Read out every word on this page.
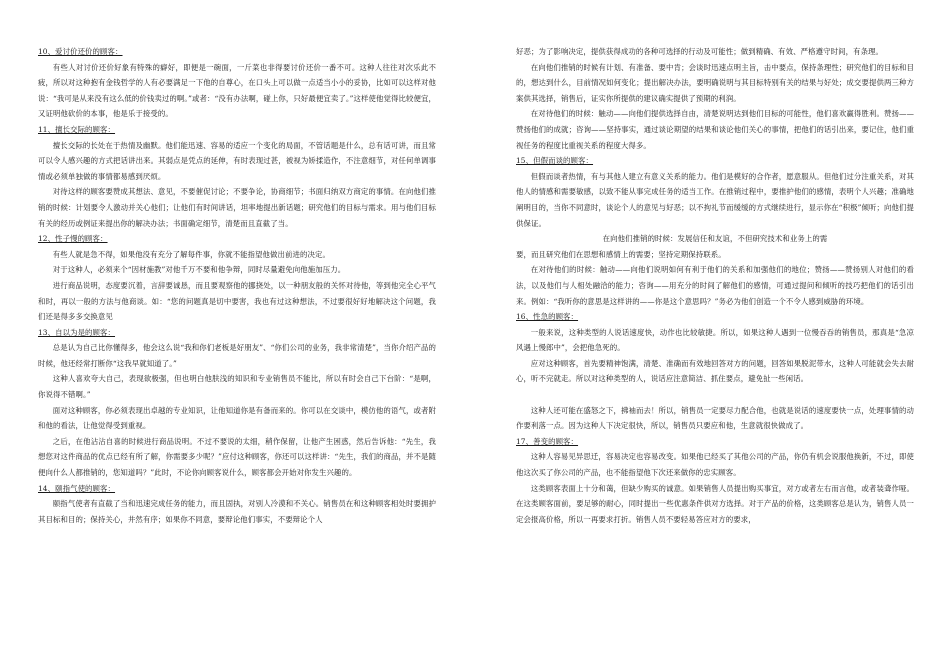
10、爱讨价还价的顾客：

有些人对讨价还价好象有特殊的癖好，即便是一碗面，一斤菜也非得要讨价还价一番不可。这种人往往对次乐此不疲，所以对这种抱有金钱哲学的人有必要满足一下他的自尊心，在口头上可以做一点适当小小的妥协，比如可以这样对他说：“我可是从来没有这么低的价钱卖过的啊。”或者：“没有办法啊，碰上你，只好最便宜卖了。”这样使他觉得比较便宜，又证明他砍价的本事，他是乐于接受的。

11、擅长交际的顾客：

擅长交际的长处在于热情及幽默。他们能迅速、容易的适应一个变化的局面，不管话题是什么，总有话可讲，而且常可以令人感兴趣的方式把话讲出来。其弱点是凭点的延伸，有时表现过甚，被视为矫揉造作，不注意细节，对任何单调事情或必须单独做的事情都易感到厌烦。

对待这样的顾客要赞成其想法、意见，不要催促讨论；不要争论，协商细节；书面归纳双方商定的事情。在向他们推销的时候：计划要令人激动并关心他们；让他们有时间讲话，坦率地提出新话题；研究他们的目标与需求。用与他们目标有关的经历或例证来提出你的解决办法；书面确定细节，清楚而且直截了当。

12、性子慢的顾客：

有些人就是急不得，如果他没有充分了解每件事，你就不能指望他做出前进的决定。

对于这种人，必须来个“因材施教”对他千万不要和他争辩，同时尽量避免向他施加压力。

进行商品说明，态度要沉着，言辞要诚恳，而且要观察他的挪挠处，以一种朋友般的关怀对待他，等到他完全心平气和时，再以一般的方法与他商谈。如：“您的问题真是切中要害，我也有过这种想法，不过要很好好地解决这个问题，我们还是得多多交换意见

13、自以为是的顾客：

总是认为自己比你懂得多，他会这么说“我和你们老板是好朋友”、“你们公司的业务，我非常清楚”，当你介绍产品的时候，他还经常打断你“这我早就知道了。”

这种人喜欢夸大自己，表现欲极强，但也明白他肤浅的知识和专业销售员不能比，所以有时会自己下台阶：“是啊，你说得不错啊。”

面对这种顾客，你必须表现出卓越的专业知识，让他知道你是有备而来的。你可以在交谈中，模仿他的语气，或者附和他的看法，让他觉得受到重视。

之后，在他沾沾自喜的时候进行商品说明。不过不要说的太细，稍作保留，让他产生困惑，然后告诉他：“先生，我想您对这件商品的优点已经有所了解，你需要多少呢？”应付这种顾客，你还可以这样讲：“先生，我们的商品，并不是随便向什么人都推销的，您知道吗？”此时，不论你向顾客说什么，顾客都会开始对你发生兴趣的。

14、颐指气使的顾客：

颐指气使者有直截了当和迅速完成任务的能力，而且固执，对别人冷漠和不关心。销售员在和这种顾客相处时要拥护其目标和目的；保持关心，井然有序；如果你不同意，要辩论他们事实，不要辩论个人

好恶；为了影响决定，提供获得成功的各种可选择的行动及可能性；做到精确、有效、严格遵守时间，有条理。

在向他们推销的时候有计划、有准备、要中肯；会谈时迅速点明主旨，击中要点，保持条理性；研究他们的目标和目的，想达到什么，目前情况如何变化；提出解决办法，要明确说明与其目标特别有关的结果与好处；成交要提供两三种方案供其选择，销售后，证实你所提供的建议确实提供了预期的利润。

在对待他们的时候：触动——向他们提供选择自由，清楚说明达到他们目标的可能性，他们喜欢赢得胜利。赞扬——赞扬他们的成就；咨询——坚持事实，通过谈论期望的结果和谈论他们关心的事情，把他们的话引出来，要记住，他们重视任务的程度比重视关系的程度大得多。

15、但假而谈的顾客：

但假而谈者热情，有与其他人建立有意义关系的能力。他们是模好的合作者，愿意服从。但他们过分注重关系，对其他人的情感和需要敏感，以致不能从事完成任务的适当工作。在推销过程中，要推护他们的感情，表明个人兴趣；准确地阐明目的，当你不同意时，谈论个人的意见与好恶；以不拘礼节而缓缓的方式继续进行，显示你在“积极”倾听；向他们提供保证。

在向他们推销的时候：发展信任和友谊，不但研究技术和业务上的需

要，而且研究他们在思想和感情上的需要；坚持定期保持联系。

在对待他们的时候：触动——向他们说明如何有利于他们的关系和加强他们的地位；赞扬——赞扬别人对他们的看法，以及他们与人相处融洽的能力；咨询——用充分的时间了解他们的感情，可通过提问和倾听的技巧把他们的话引出来。例如：“我听你的意思是这样讲的——你是这个意思吗？”务必为他们创造一个不令人感到威胁的环境。

16、性急的顾客：

一般来说，这种类型的人说话速度快，动作也比较敏捷。所以，如果这种人遇到一位慢吞吞的销售员，那真是“急凉风遇上慢郎中”，会把他急死的。

应对这种顾客，首先要精神饱满，清楚、准确而有效地回答对方的问题，回答如果脱泥带水，这种人可能就会失去耐心，听不完就走。所以对这种类型的人，说话应注意简洁、抓住要点，避免扯一些闲话。

这种人还可能在盛怒之下，拂袖而去！所以，销售员一定要尽力配合他，也就是说话的速度要快一点，处理事情的动作要利落一点。因为这种人下决定很快，所以，销售员只要应和他，生意就很快做成了。

17、善变的顾客：

这种人容易见异思迁，容易决定也容易改变。如果他已经买了其他公司的产品，你仍有机会说服他换新，不过，即使他这次买了你公司的产品，也不能指望他下次还来做你的忠实顾客。

这类顾客表面上十分和蔼，但缺少购买的诚意。如果销售人员提出购买事宜，对方或者左右而言他，或者装聋作哑。在这类顾客面前，要足够的耐心，同时提出一些优惠条件供对方选择。对于产品的价格，这类顾客总是认为，销售人员一定会报高价格，所以一再要求打折。销售人员不要轻易答应对方的要求，
